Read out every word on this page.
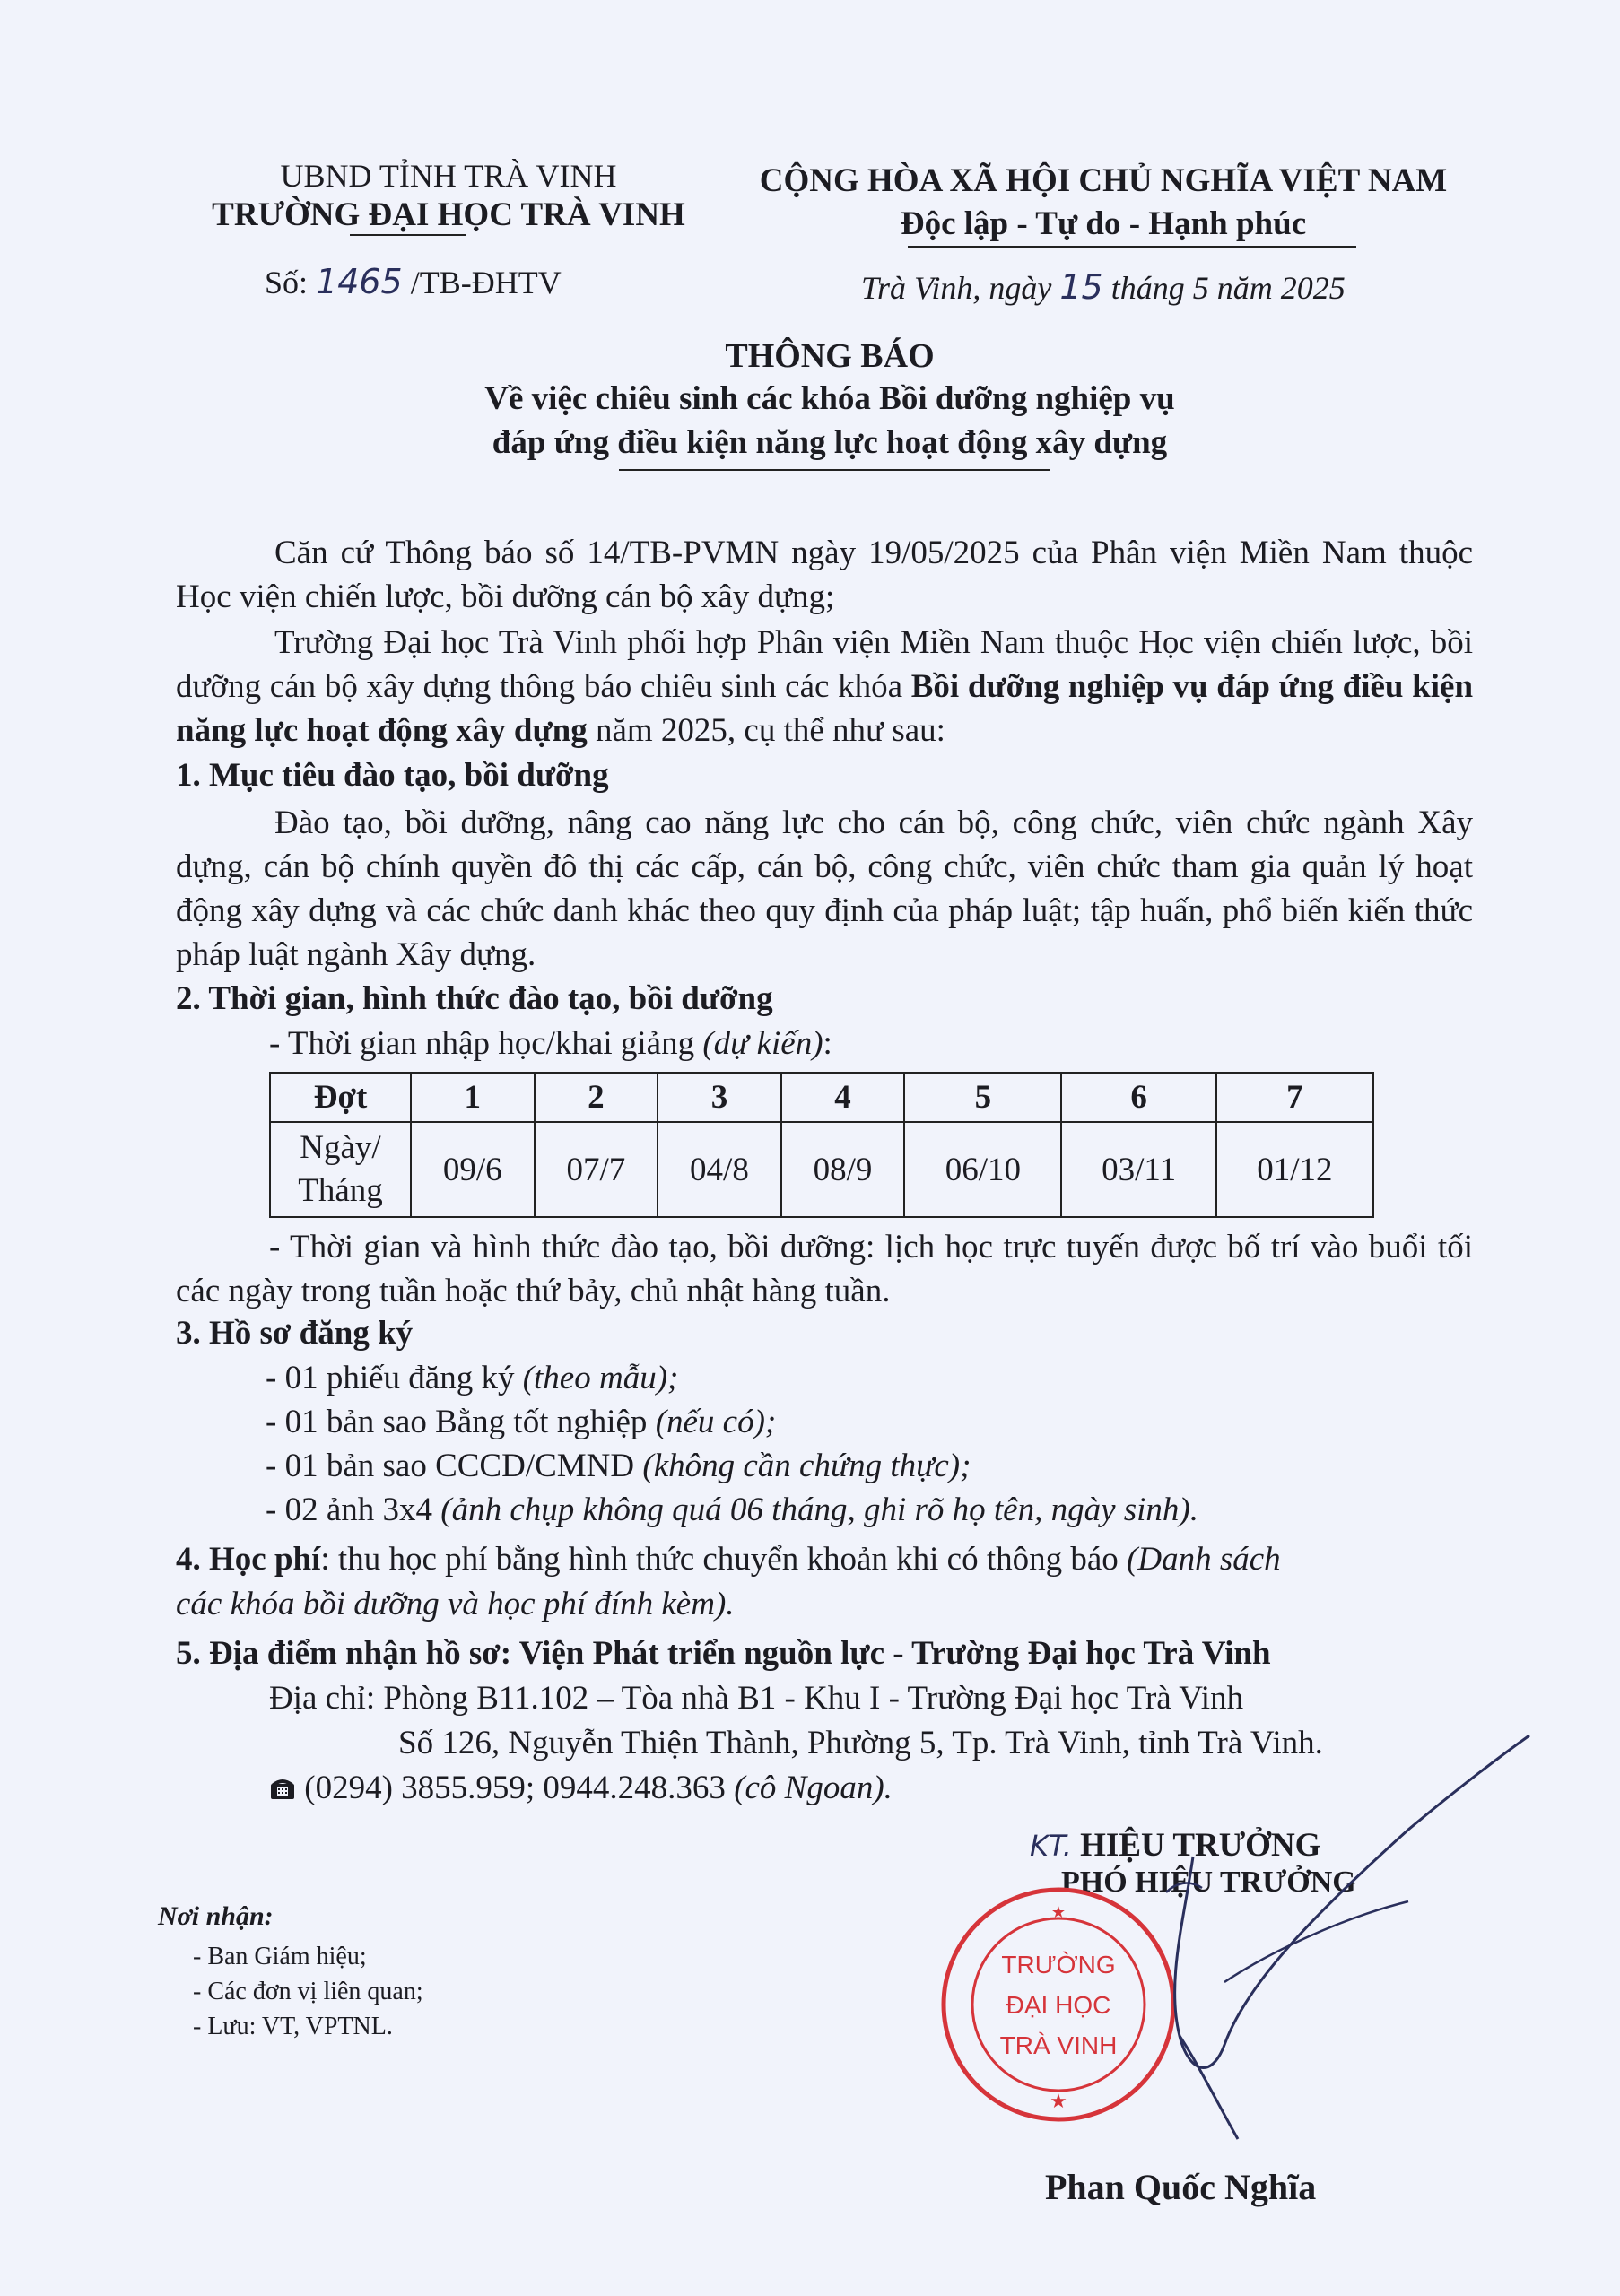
UBND TỈNH TRÀ VINH
TRƯỜNG ĐẠI HỌC TRÀ VINH
Số: 1465 /TB-ĐHTV
CỘNG HÒA XÃ HỘI CHỦ NGHĨA VIỆT NAM
Độc lập - Tự do - Hạnh phúc
Trà Vinh, ngày 15 tháng 5 năm 2025
THÔNG BÁO
Về việc chiêu sinh các khóa Bồi dưỡng nghiệp vụ
đáp ứng điều kiện năng lực hoạt động xây dựng
Căn cứ Thông báo số 14/TB-PVMN ngày 19/05/2025 của Phân viện Miền Nam thuộc Học viện chiến lược, bồi dưỡng cán bộ xây dựng;
Trường Đại học Trà Vinh phối hợp Phân viện Miền Nam thuộc Học viện chiến lược, bồi dưỡng cán bộ xây dựng thông báo chiêu sinh các khóa Bồi dưỡng nghiệp vụ đáp ứng điều kiện năng lực hoạt động xây dựng năm 2025, cụ thể như sau:
1. Mục tiêu đào tạo, bồi dưỡng
Đào tạo, bồi dưỡng, nâng cao năng lực cho cán bộ, công chức, viên chức ngành Xây dựng, cán bộ chính quyền đô thị các cấp, cán bộ, công chức, viên chức tham gia quản lý hoạt động xây dựng và các chức danh khác theo quy định của pháp luật; tập huấn, phổ biến kiến thức pháp luật ngành Xây dựng.
2. Thời gian, hình thức đào tạo, bồi dưỡng
- Thời gian nhập học/khai giảng (dự kiến):
Đợt	1	2	3	4	5	6	7
Ngày/
Tháng	09/6	07/7	04/8	08/9	06/10	03/11	01/12
- Thời gian và hình thức đào tạo, bồi dưỡng: lịch học trực tuyến được bố trí vào buổi tối các ngày trong tuần hoặc thứ bảy, chủ nhật hàng tuần.
3. Hồ sơ đăng ký
- 01 phiếu đăng ký (theo mẫu);
- 01 bản sao Bằng tốt nghiệp (nếu có);
- 01 bản sao CCCD/CMND (không cần chứng thực);
- 02 ảnh 3x4 (ảnh chụp không quá 06 tháng, ghi rõ họ tên, ngày sinh).
4. Học phí: thu học phí bằng hình thức chuyển khoản khi có thông báo (Danh sách
các khóa bồi dưỡng và học phí đính kèm).
5. Địa điểm nhận hồ sơ: Viện Phát triển nguồn lực - Trường Đại học Trà Vinh
Địa chỉ: Phòng B11.102 – Tòa nhà B1 - Khu I - Trường Đại học Trà Vinh
Số 126, Nguyễn Thiện Thành, Phường 5, Tp. Trà Vinh, tỉnh Trà Vinh.
(0294) 3855.959; 0944.248.363 (cô Ngoan).
Nơi nhận:
- Ban Giám hiệu;
- Các đơn vị liên quan;
- Lưu: VT, VPTNL.
KT. HIỆU TRƯỞNG
PHÓ HIỆU TRƯỞNG
★
★
TRƯỜNG
ĐẠI HỌC
TRÀ VINH
Phan Quốc Nghĩa
